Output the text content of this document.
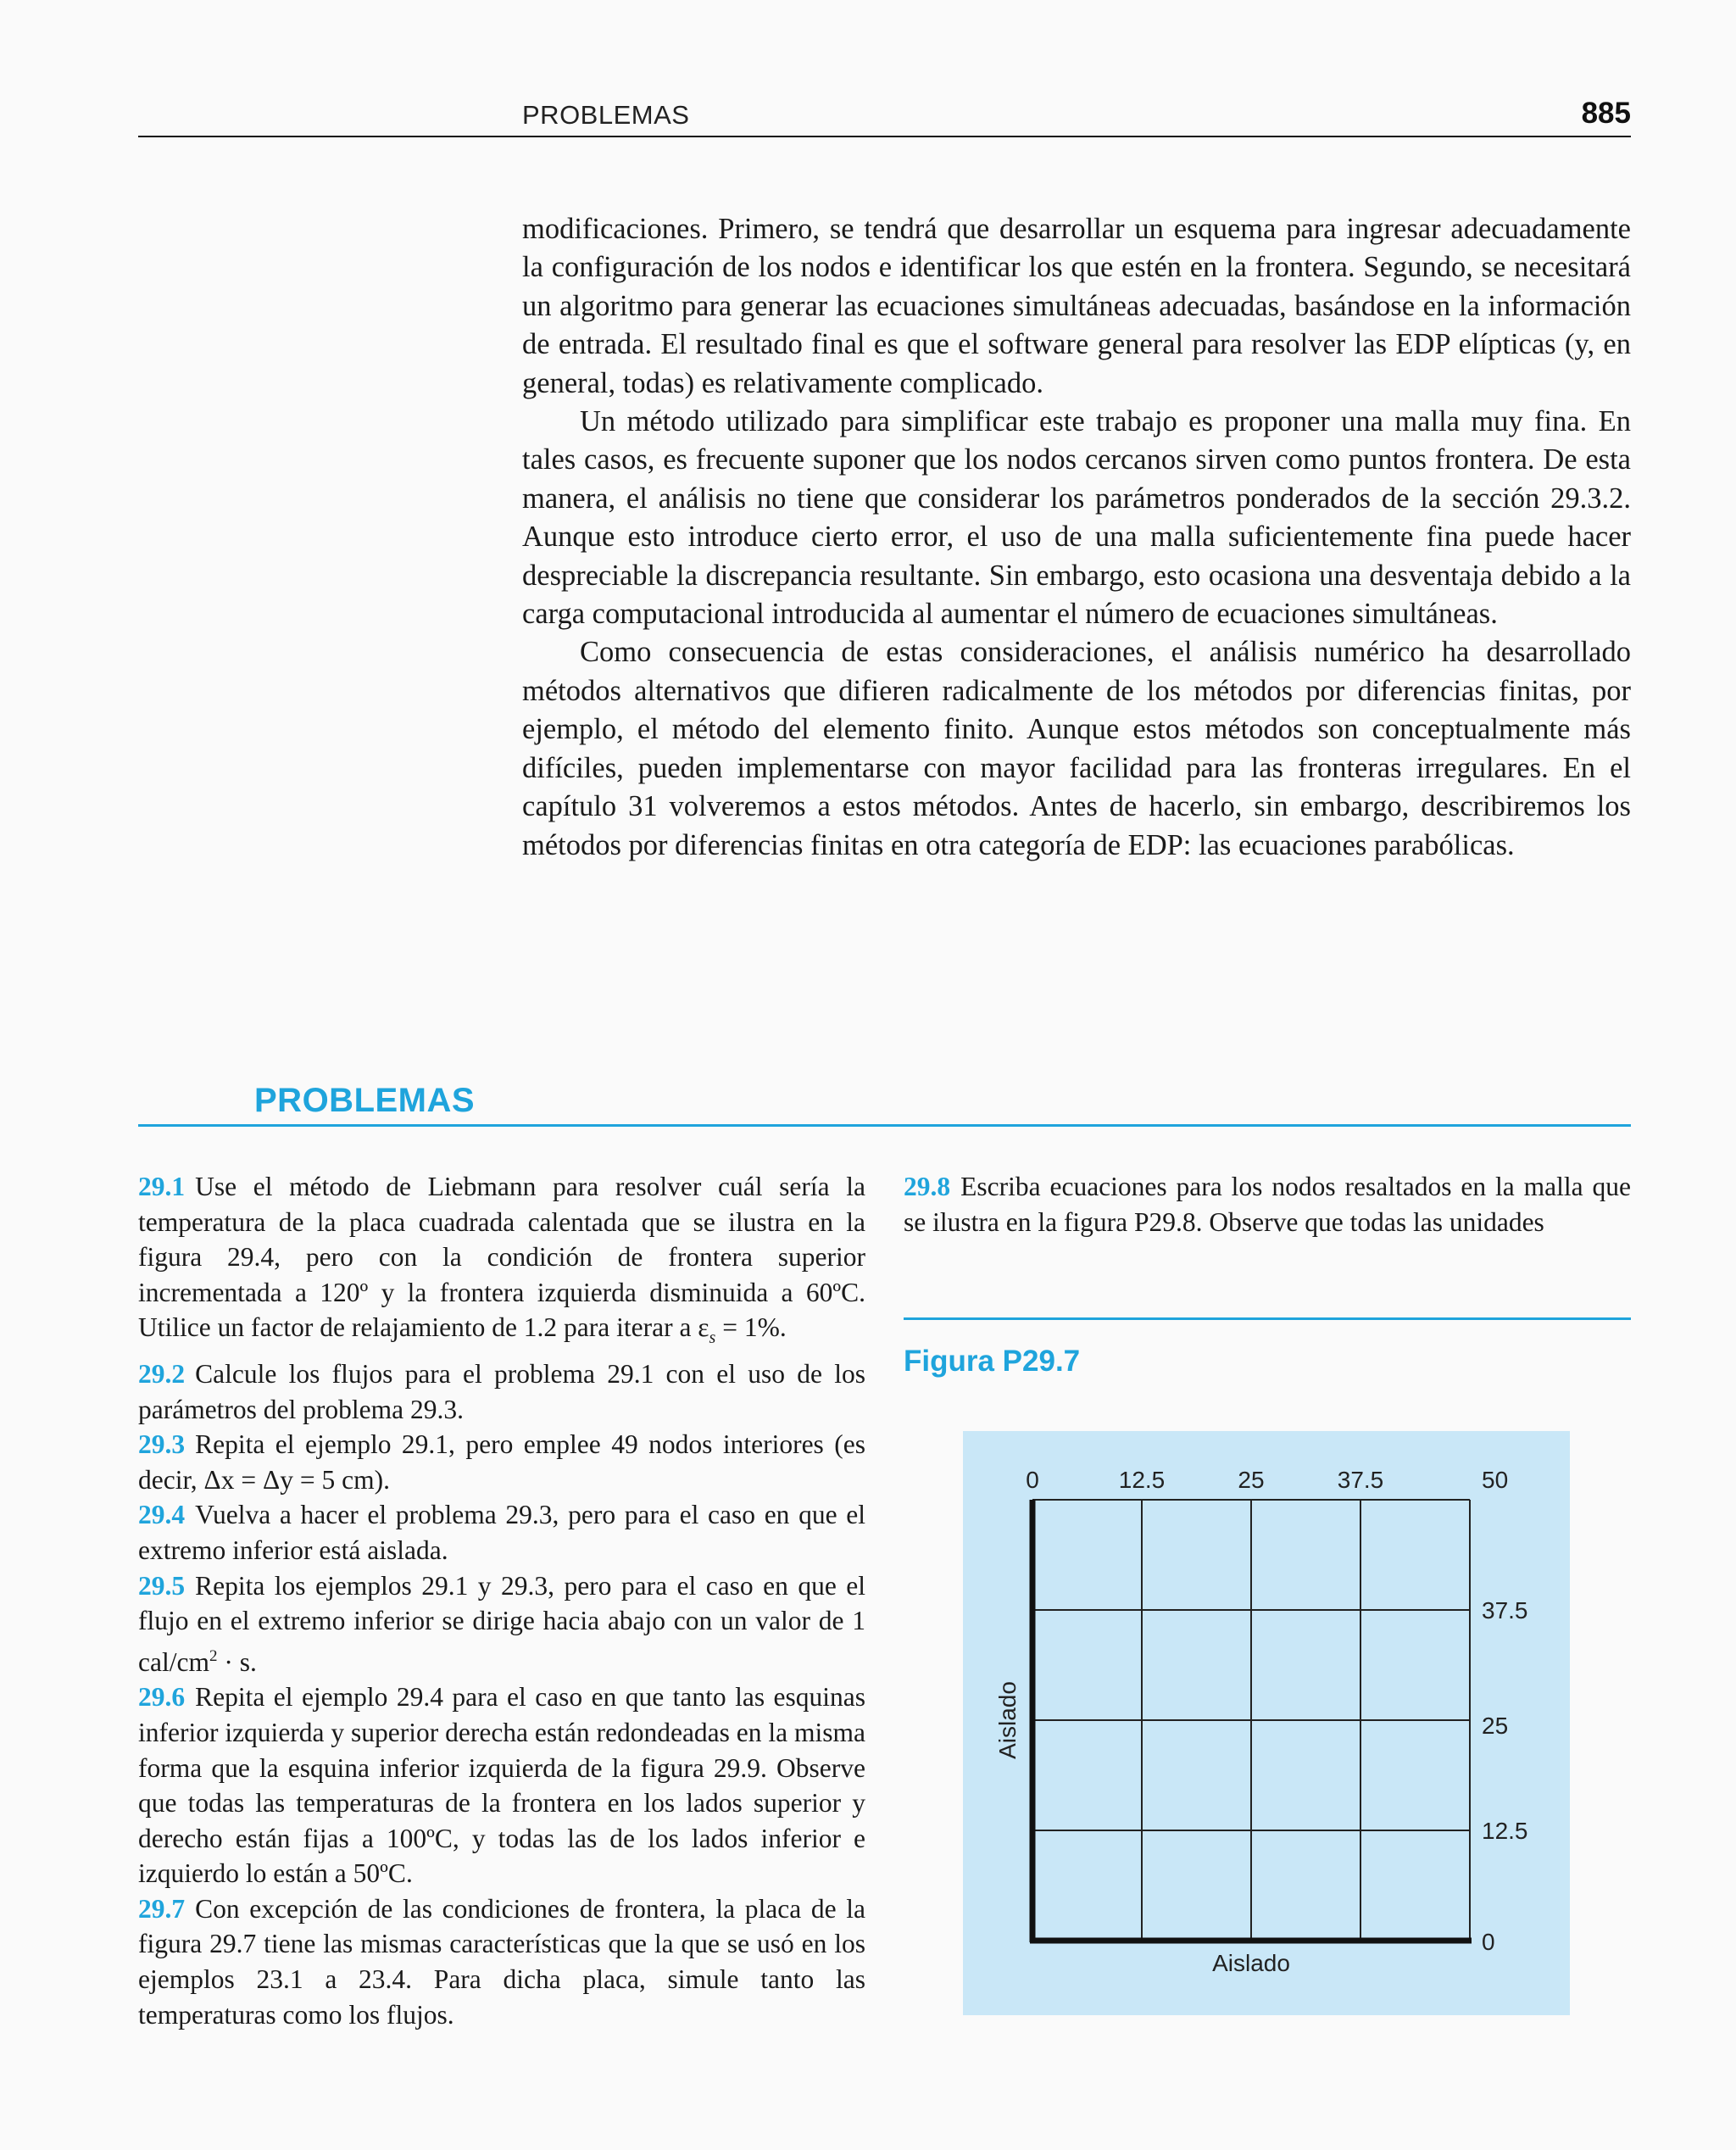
PROBLEMAS	885

modificaciones. Primero, se tendrá que desarrollar un esquema para ingresar adecuadamente la configuración de los nodos e identificar los que estén en la frontera. Segundo, se necesitará un algoritmo para generar las ecuaciones simultáneas adecuadas, basándose en la información de entrada. El resultado final es que el software general para resolver las EDP elípticas (y, en general, todas) es relativamente complicado.

Un método utilizado para simplificar este trabajo es proponer una malla muy fina. En tales casos, es frecuente suponer que los nodos cercanos sirven como puntos frontera. De esta manera, el análisis no tiene que considerar los parámetros ponderados de la sección 29.3.2. Aunque esto introduce cierto error, el uso de una malla suficientemente fina puede hacer despreciable la discrepancia resultante. Sin embargo, esto ocasiona una desventaja debido a la carga computacional introducida al aumentar el número de ecuaciones simultáneas.

Como consecuencia de estas consideraciones, el análisis numérico ha desarrollado métodos alternativos que difieren radicalmente de los métodos por diferencias finitas, por ejemplo, el método del elemento finito. Aunque estos métodos son conceptualmente más difíciles, pueden implementarse con mayor facilidad para las fronteras irregulares. En el capítulo 31 volveremos a estos métodos. Antes de hacerlo, sin embargo, describiremos los métodos por diferencias finitas en otra categoría de EDP: las ecuaciones parabólicas.

PROBLEMAS

29.1 Use el método de Liebmann para resolver cuál sería la temperatura de la placa cuadrada calentada que se ilustra en la figura 29.4, pero con la condición de frontera superior incrementada a 120º y la frontera izquierda disminuida a 60ºC. Utilice un factor de relajamiento de 1.2 para iterar a $\varepsilon_s = 1\%$.

29.2 Calcule los flujos para el problema 29.1 con el uso de los parámetros del problema 29.3.

29.3 Repita el ejemplo 29.1, pero emplee 49 nodos interiores (es decir, Δx = Δy = 5 cm).

29.4 Vuelva a hacer el problema 29.3, pero para el caso en que el extremo inferior está aislada.

29.5 Repita los ejemplos 29.1 y 29.3, pero para el caso en que el flujo en el extremo inferior se dirige hacia abajo con un valor de 1 cal/$cm^2 \cdot s$.

29.6 Repita el ejemplo 29.4 para el caso en que tanto las esquinas inferior izquierda y superior derecha están redondeadas en la misma forma que la esquina inferior izquierda de la figura 29.9. Observe que todas las temperaturas de la frontera en los lados superior y derecho están fijas a 100ºC, y todas las de los lados inferior e izquierdo lo están a 50ºC.

29.7 Con excepción de las condiciones de frontera, la placa de la figura 29.7 tiene las mismas características que la que se usó en los ejemplos 23.1 a 23.4. Para dicha placa, simule tanto las temperaturas como los flujos.

29.8 Escriba ecuaciones para los nodos resaltados en la malla que se ilustra en la figura P29.8. Observe que todas las unidades

Figura P29.7
0	12.5	25	37.5	50
37.5
25
12.5
0
Aislado
Aislado
